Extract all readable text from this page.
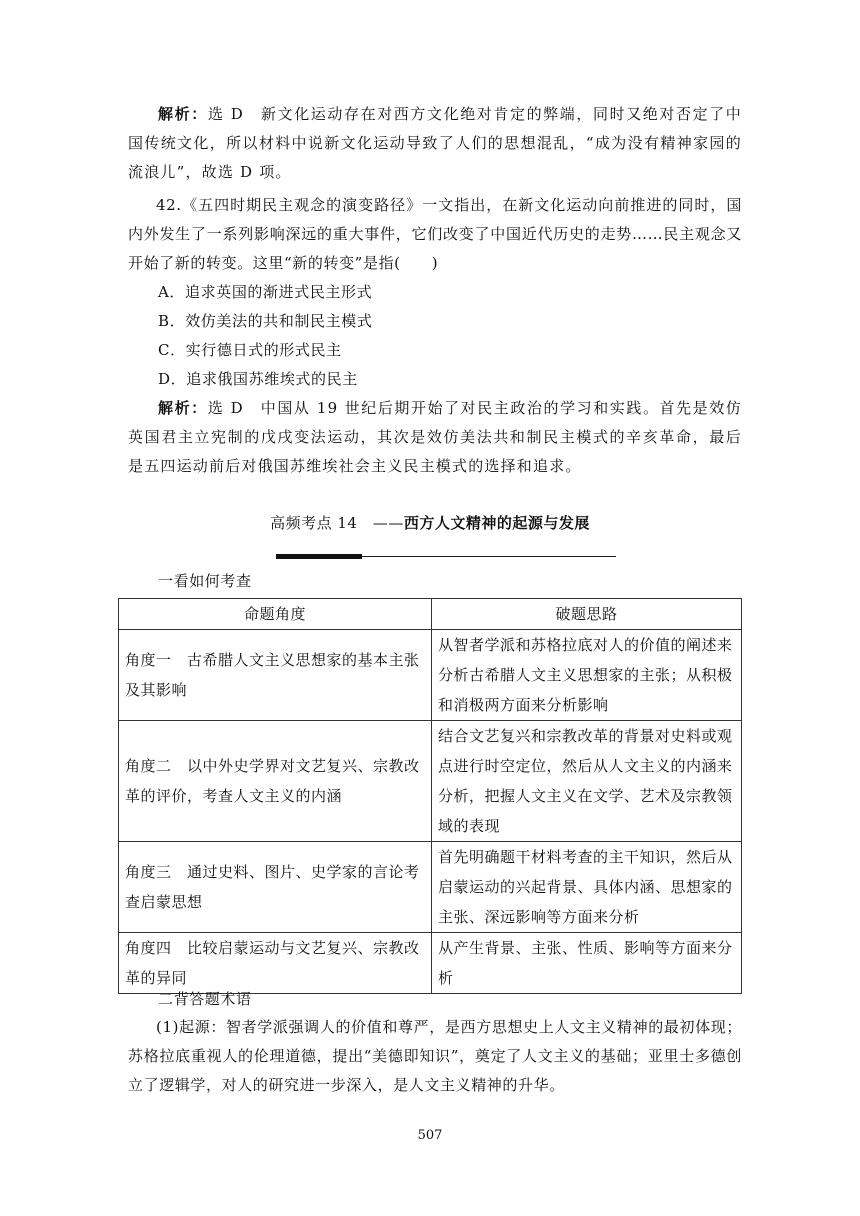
解析：选 D　新文化运动存在对西方文化绝对肯定的弊端，同时又绝对否定了中国传统文化，所以材料中说新文化运动导致了人们的思想混乱，“成为没有精神家园的流浪儿”，故选 D 项。
42.《五四时期民主观念的演变路径》一文指出，在新文化运动向前推进的同时，国内外发生了一系列影响深远的重大事件，它们改变了中国近代历史的走势……民主观念又开始了新的转变。这里“新的转变”是指(　　)
A．追求英国的渐进式民主形式
B．效仿美法的共和制民主模式
C．实行德日式的形式民主
D．追求俄国苏维埃式的民主
解析：选 D　中国从 19 世纪后期开始了对民主政治的学习和实践。首先是效仿英国君主立宪制的戊戌变法运动，其次是效仿美法共和制民主模式的辛亥革命，最后是五四运动前后对俄国苏维埃社会主义民主模式的选择和追求。
高频考点 14　——西方人文精神的起源与发展
一看如何考查
命题角度	破题思路
角度一　古希腊人文主义思想家的基本主张及其影响	从智者学派和苏格拉底对人的价值的阐述来分析古希腊人文主义思想家的主张；从积极和消极两方面来分析影响
角度二　以中外史学界对文艺复兴、宗教改革的评价，考查人文主义的内涵	结合文艺复兴和宗教改革的背景对史料或观点进行时空定位，然后从人文主义的内涵来分析，把握人文主义在文学、艺术及宗教领域的表现
角度三　通过史料、图片、史学家的言论考查启蒙思想	首先明确题干材料考查的主干知识，然后从启蒙运动的兴起背景、具体内涵、思想家的主张、深远影响等方面来分析
角度四　比较启蒙运动与文艺复兴、宗教改革的异同	从产生背景、主张、性质、影响等方面来分析
二背答题术语
(1)起源：智者学派强调人的价值和尊严，是西方思想史上人文主义精神的最初体现；苏格拉底重视人的伦理道德，提出“美德即知识”，奠定了人文主义的基础；亚里士多德创立了逻辑学，对人的研究进一步深入，是人文主义精神的升华。
507
